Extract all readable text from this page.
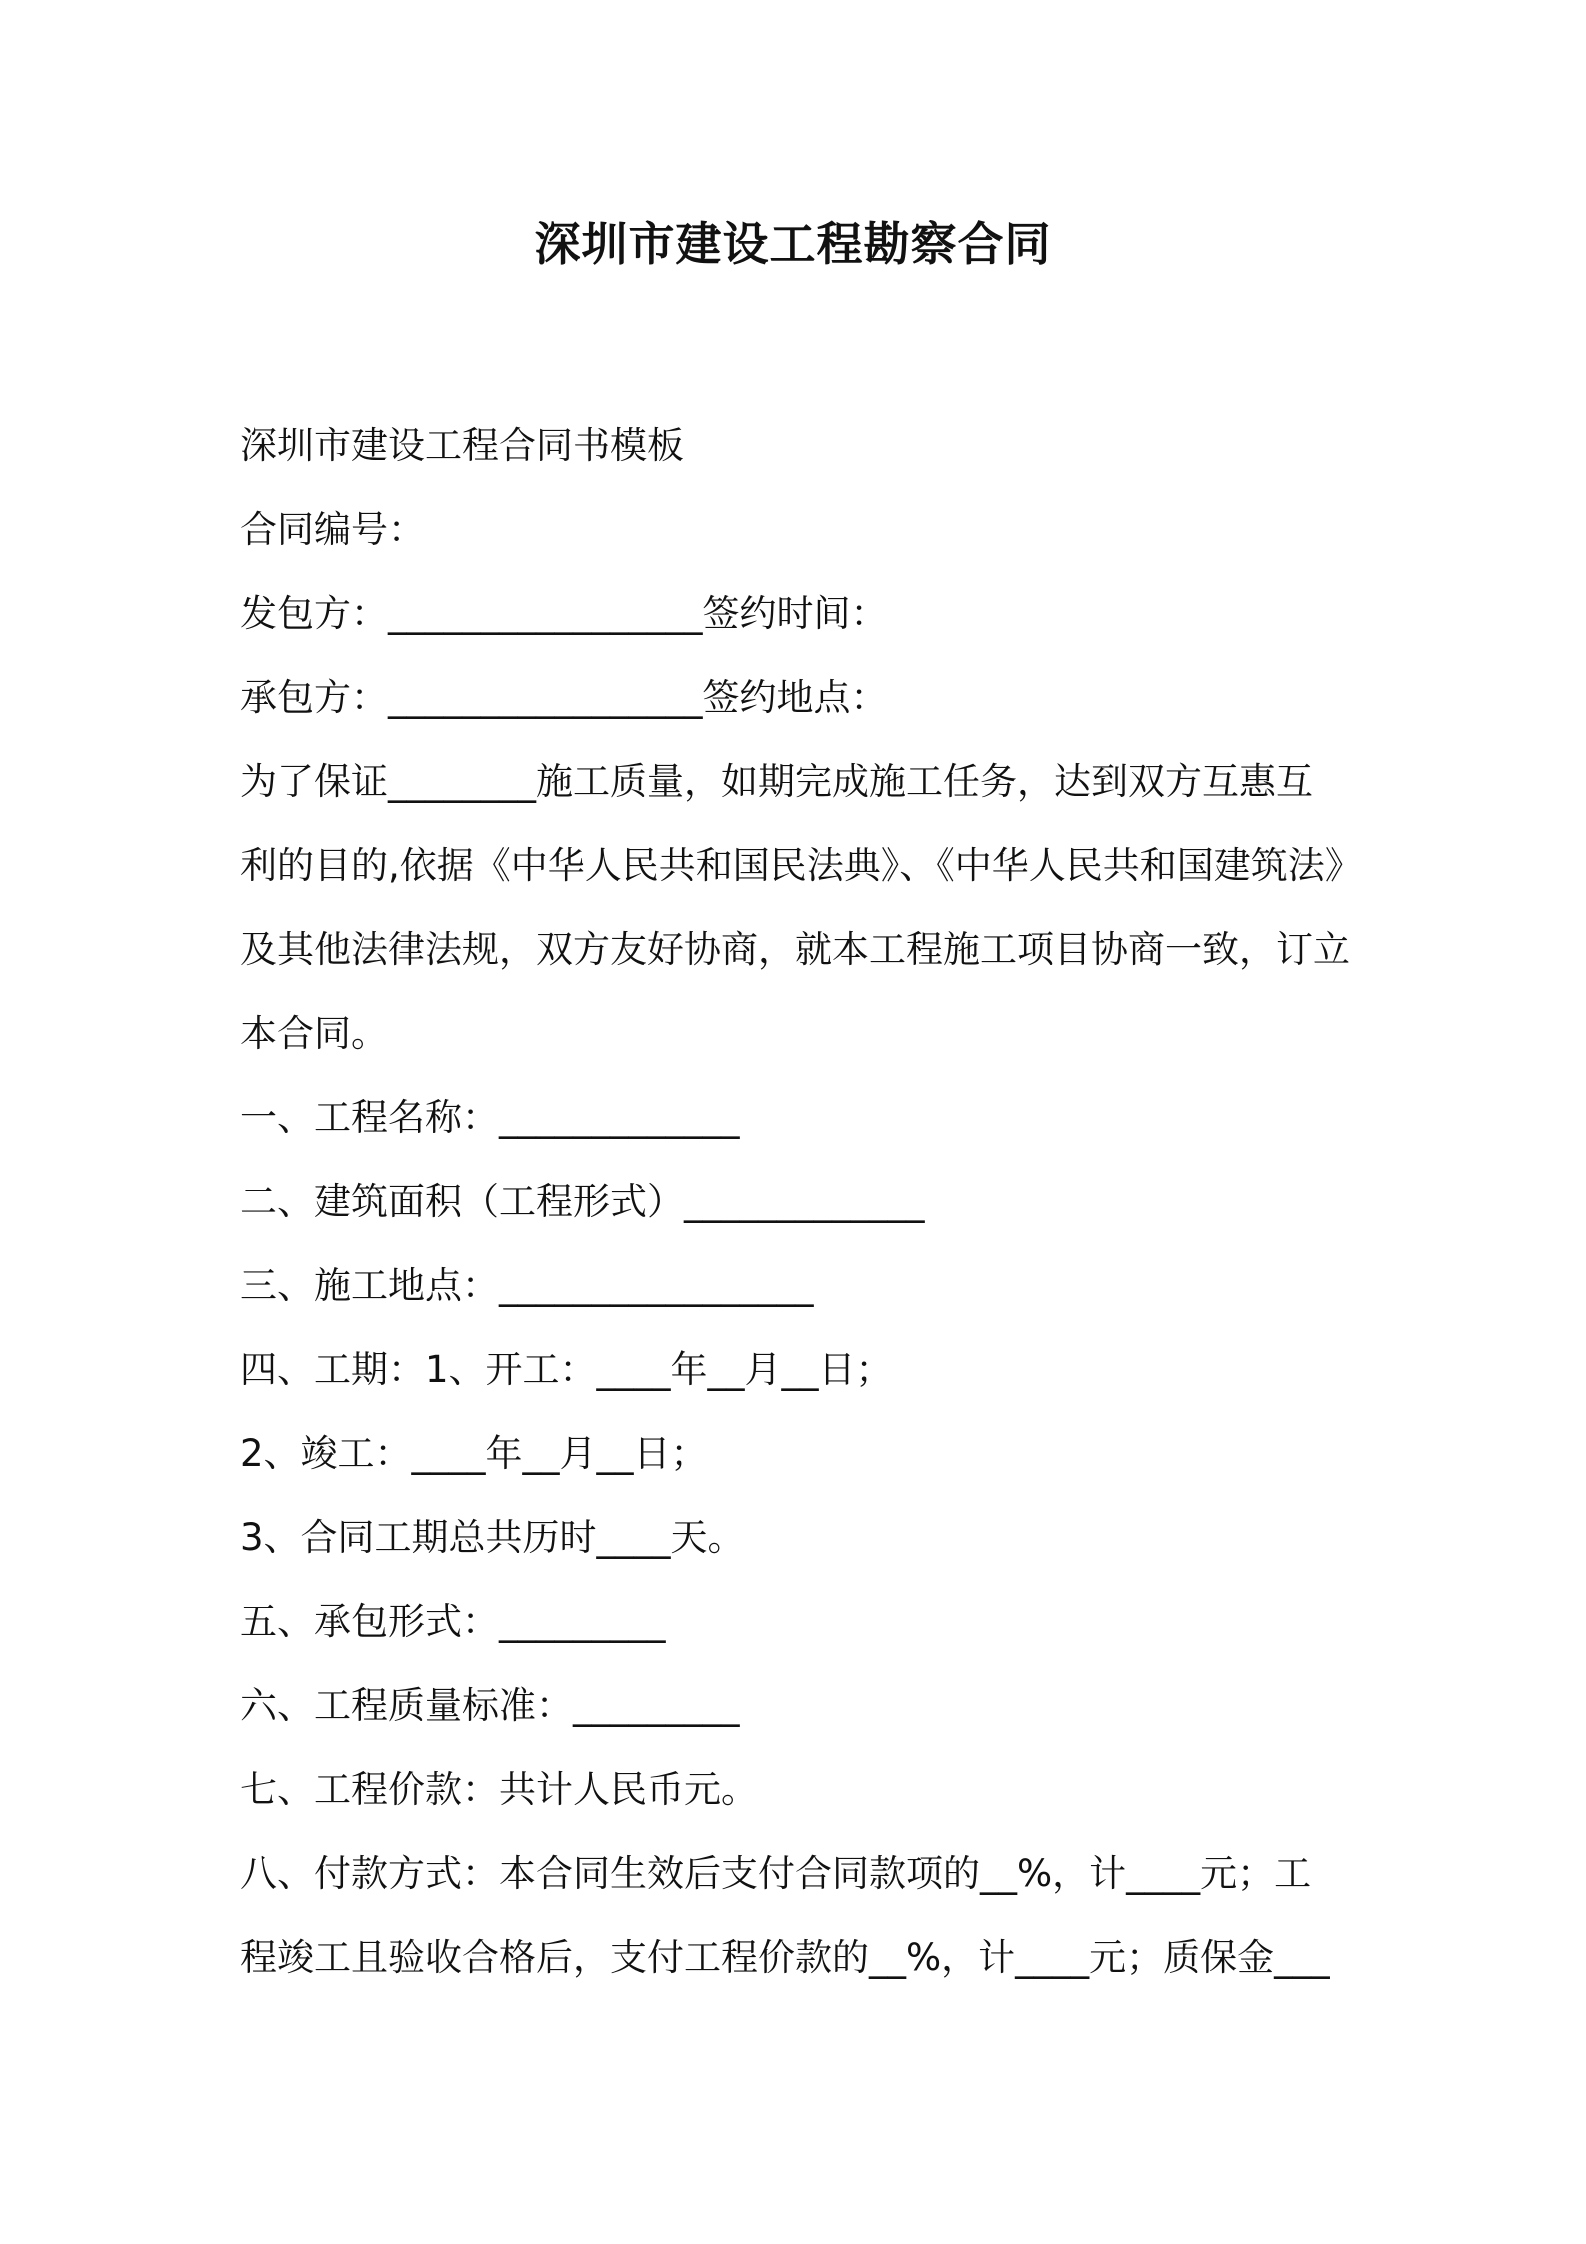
深圳市建设工程勘察合同

深圳市建设工程合同书模板

合同编号：

发包方：_________________签约时间：

承包方：_________________签约地点：

为了保证________施工质量，如期完成施工任务，达到双方互惠互

利的目的,依据《中华人民共和国民法典》、《中华人民共和国建筑法》

及其他法律法规，双方友好协商，就本工程施工项目协商一致，订立

本合同。

一、工程名称：_____________

二、建筑面积（工程形式）_____________

三、施工地点：_________________

四、工期：1、开工：____年__月__日；

2、竣工：____年__月__日；

3、合同工期总共历时____天。

五、承包形式：_________

六、工程质量标准：_________

七、工程价款：共计人民币元。

八、付款方式：本合同生效后支付合同款项的__%，计____元；工

程竣工且验收合格后，支付工程价款的__%，计____元；质保金___
